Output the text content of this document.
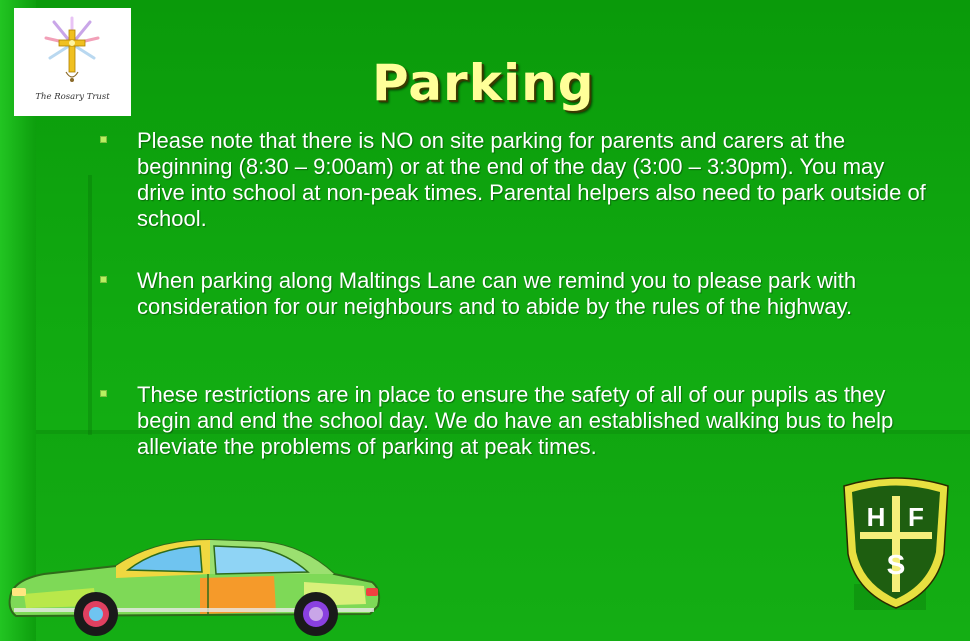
The Rosary Trust	Parking
Please note that there is NO on site parking for parents and carers at the beginning (8:30 – 9:00am) or at the end of the day (3:00 – 3:30pm). You may drive into school at non-peak times. Parental helpers also need to park outside of school.
When parking along Maltings Lane can we remind you to please park with consideration for our neighbours and to abide by the rules of the highway.
These restrictions are in place to ensure the safety of all of our pupils as they begin and end the school day. We do have an established walking bus to help alleviate the problems of parking at peak times.
H F
S
